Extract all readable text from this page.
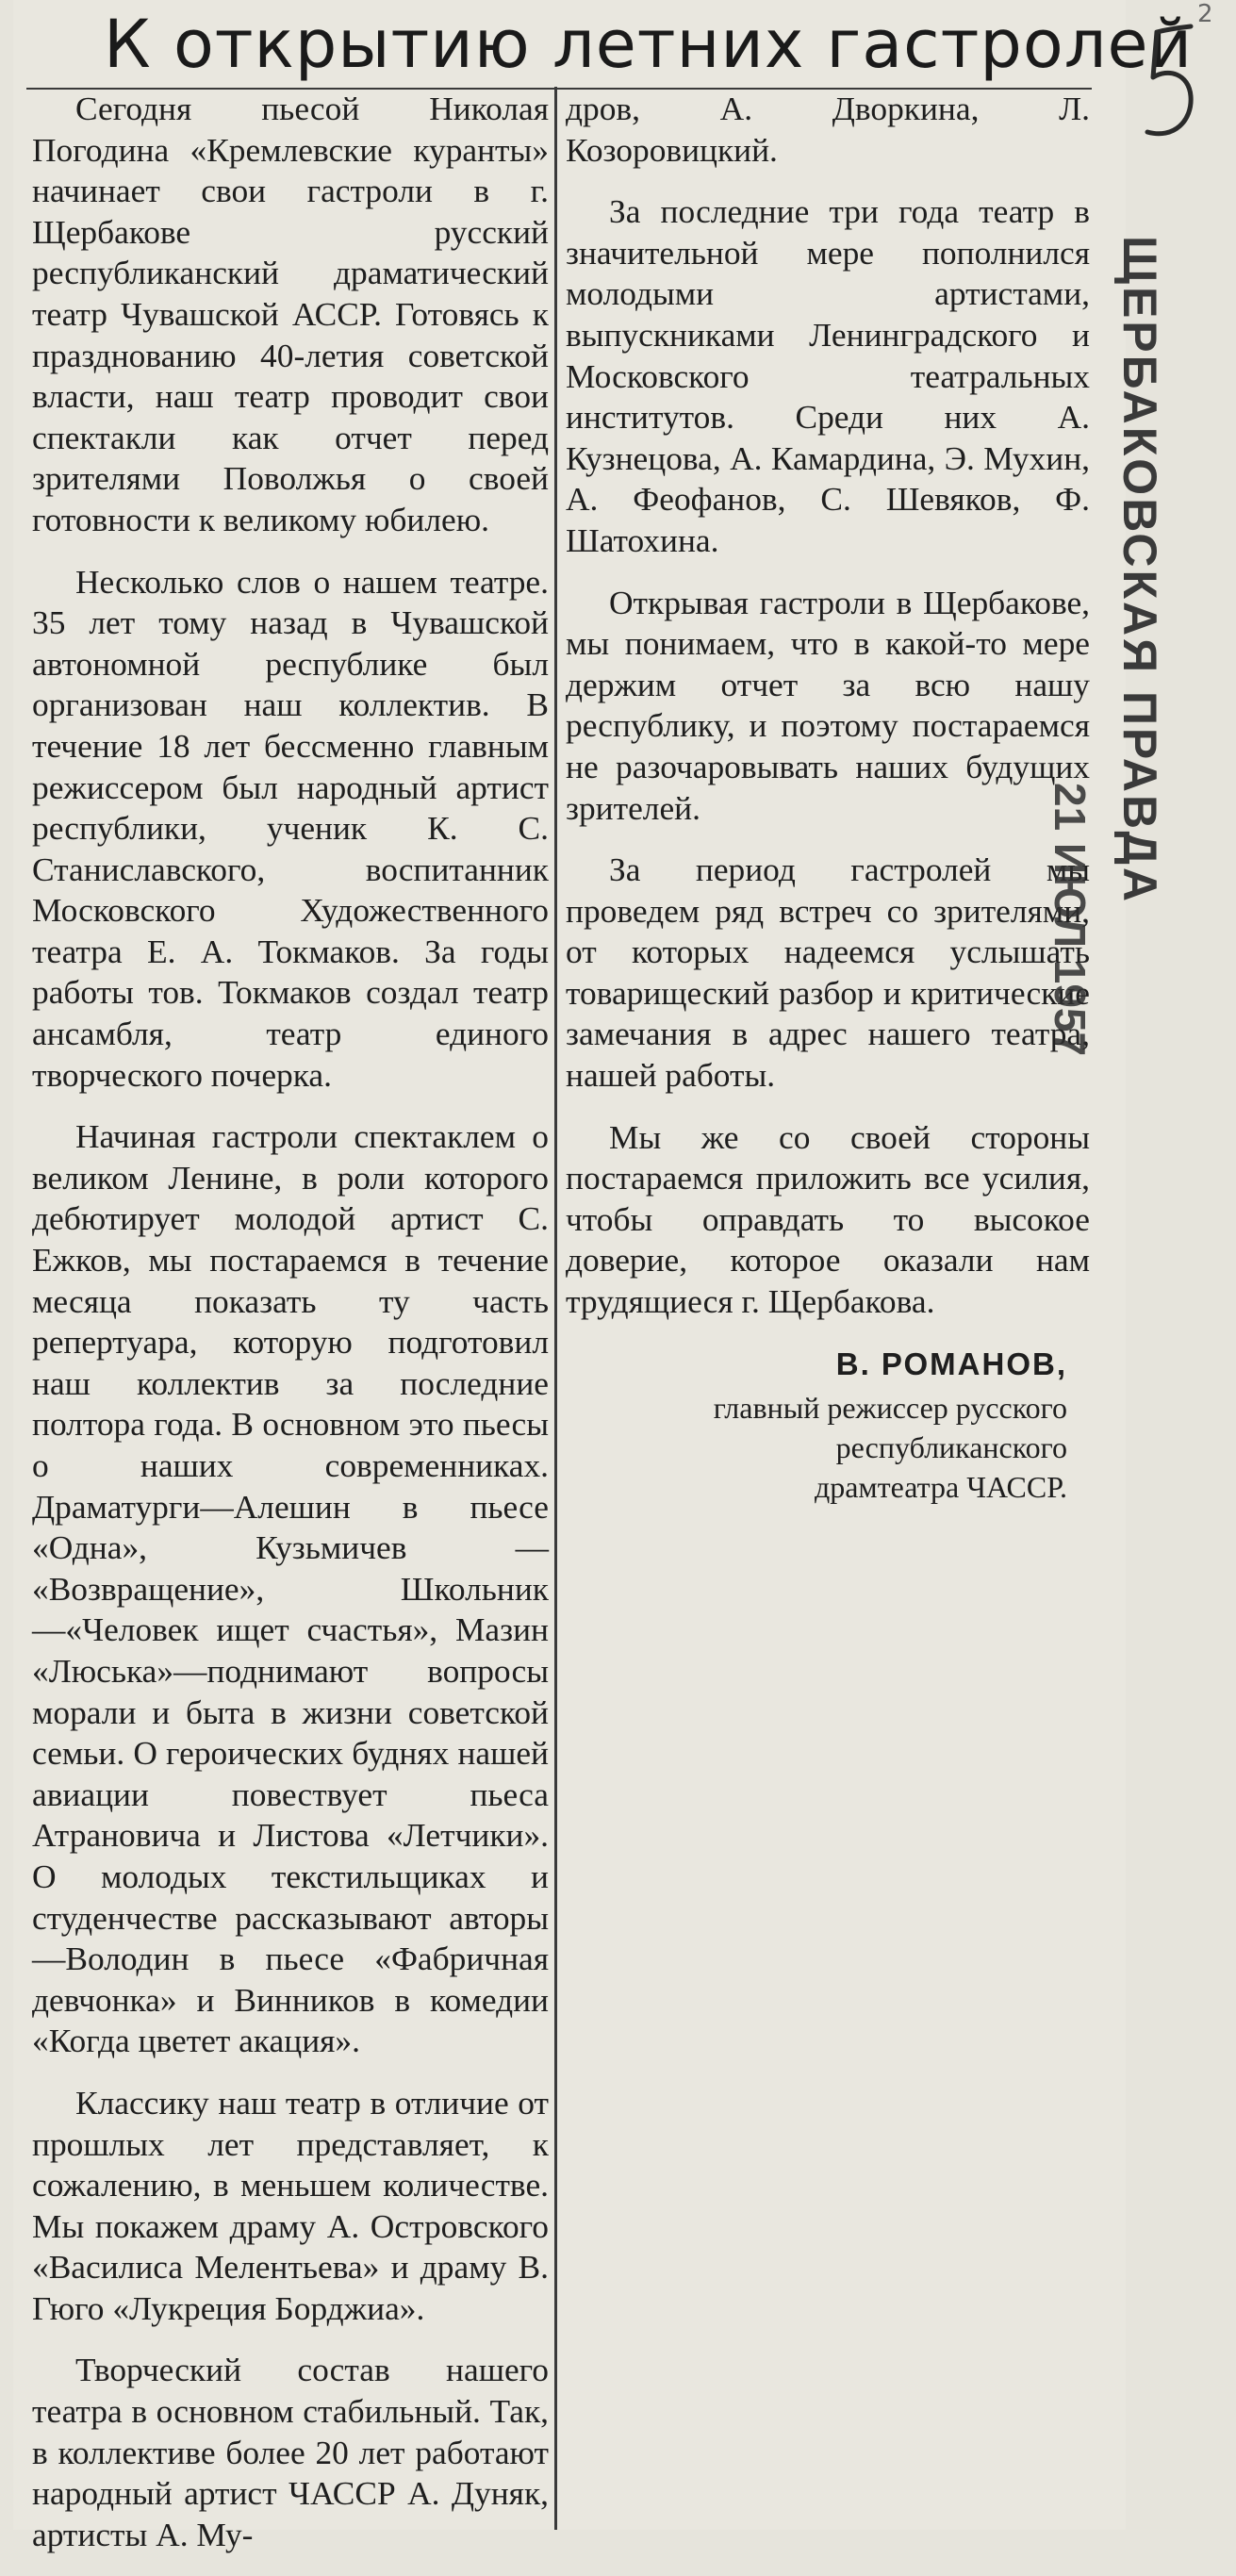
К открытию летних гастролей

Сегодня пьесой Николая Погодина «Кремлевские куранты» начинает свои гастроли в г. Щербакове русский республиканский драматический театр Чувашской АССР. Готовясь к празднованию 40-летия советской власти, наш театр проводит свои спектакли как отчет перед зрителями Поволжья о своей готовности к великому юбилею.

Несколько слов о нашем театре. 35 лет тому назад в Чувашской автономной республике был организован наш коллектив. В течение 18 лет бессменно главным режиссером был народный артист республики, ученик К. С. Станиславского, воспитанник Московского Художественного театра Е. А. Токмаков. За годы работы тов. Токмаков создал театр ансамбля, театр единого творческого почерка.

Начиная гастроли спектаклем о великом Ленине, в роли которого дебютирует молодой артист С. Ежков, мы постараемся в течение месяца показать ту часть репертуара, которую подготовил наш коллектив за последние полтора года. В основном это пьесы о наших современниках. Драматурги—Алешин в пьесе «Одна», Кузьмичев — «Возвращение», Школьник—«Человек ищет счастья», Мазин «Люська»—поднимают вопросы морали и быта в жизни советской семьи. О героических буднях нашей авиации повествует пьеса Атрановича и Листова «Летчики». О молодых текстильщиках и студенчестве рассказывают авторы—Володин в пьесе «Фабричная девчонка» и Винников в комедии «Когда цветет акация».

Классику наш театр в отличие от прошлых лет представляет, к сожалению, в меньшем количестве. Мы покажем драму А. Островского «Василиса Мелентьева» и драму В. Гюго «Лукреция Борджиа».

Творческий состав нашего театра в основном стабильный. Так, в коллективе более 20 лет работают народный артист ЧАССР А. Дуняк, артисты А. Му-

дров, А. Дворкина, Л. Козоровицкий.

За последние три года театр в значительной мере пополнился молодыми артистами, выпускниками Ленинградского и Московского театральных институтов. Среди них А. Кузнецова, А. Камардина, Э. Мухин, А. Феофанов, С. Шевяков, Ф. Шатохина.

Открывая гастроли в Щербакове, мы понимаем, что в какой-то мере держим отчет за всю нашу республику, и поэтому постараемся не разочаровывать наших будущих зрителей.

За период гастролей мы проведем ряд встреч со зрителями, от которых надеемся услышать товарищеский разбор и критические замечания в адрес нашего театра, нашей работы.

Мы же со своей стороны постараемся приложить все усилия, чтобы оправдать то высокое доверие, которое оказали нам трудящиеся г. Щербакова.

В. РОМАНОВ,
главный режиссер русского
республиканского
драмтеатра ЧАССР.
ЩЕРБАКОВСКАЯ ПРАВДА
21 ИЮЛ 1957
2
